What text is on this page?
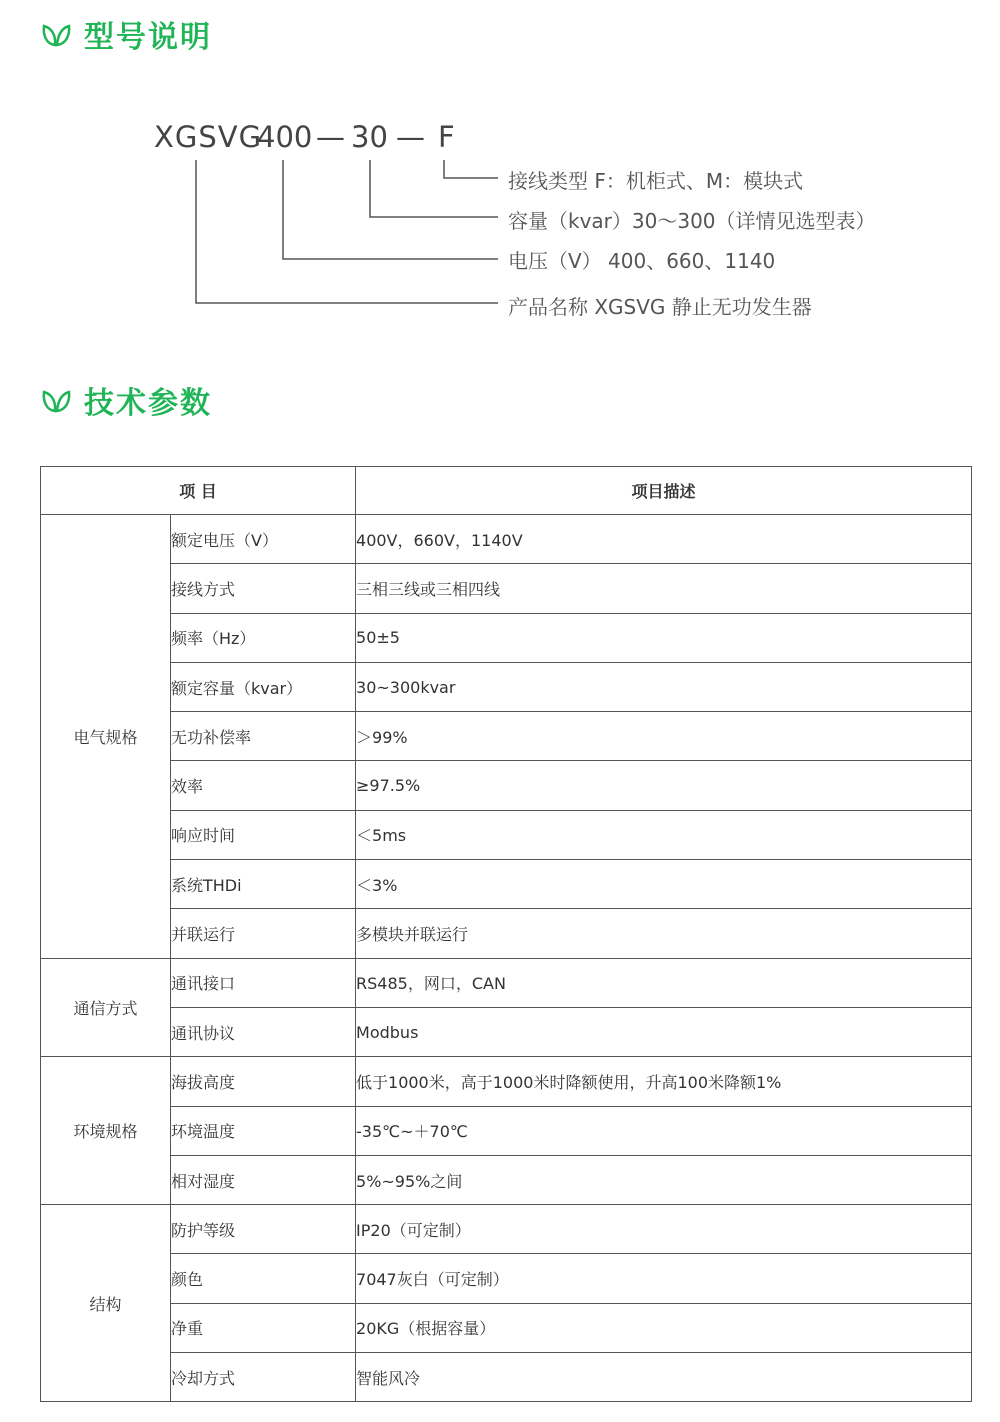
型号说明
XGSVG
400 — 30 — F
接线类型 F：机柜式、M：模块式
容量（kvar）30～300（详情见选型表）
电压（V） 400、660、1140
产品名称 XGSVG 静止无功发生器
技术参数
项 目		项目描述
电气规格	额定电压（V）	400V，660V，1140V
	接线方式	三相三线或三相四线
	频率（Hz）	50±5
	额定容量（kvar）	30~300kvar
	无功补偿率	＞99%
	效率	≥97.5%
	响应时间	＜5ms
	系统THDi	＜3%
	并联运行	多模块并联运行
通信方式	通讯接口	RS485，网口，CAN
	通讯协议	Modbus
环境规格	海拔高度	低于1000米，高于1000米时降额使用，升高100米降额1%
	环境温度	-35℃~＋70℃
	相对湿度	5%~95%之间
结构	防护等级	IP20（可定制）
	颜色	7047灰白（可定制）
	净重	20KG（根据容量）
	冷却方式	智能风冷
